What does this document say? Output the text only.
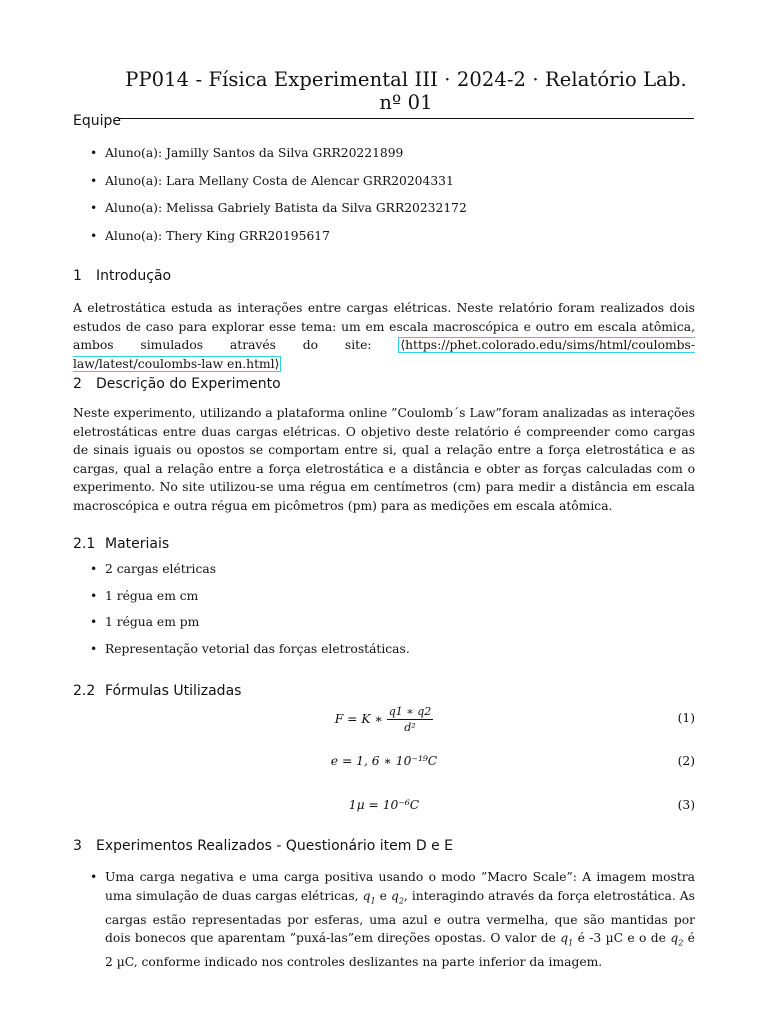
PP014 - Física Experimental III · 2024-2 · Relatório Lab. nº 01
Equipe
• Aluno(a): Jamilly Santos da Silva GRR20221899
• Aluno(a): Lara Mellany Costa de Alencar GRR20204331
• Aluno(a): Melissa Gabriely Batista da Silva GRR20232172
• Aluno(a): Thery King GRR20195617
1 Introdução

A eletrostática estuda as interações entre cargas elétricas. Neste relatório foram realizados dois estudos de caso para explorar esse tema: um em escala macroscópica e outro em escala atômica, ambos simulados através do site: ⟨https://phet.colorado.edu/sims/html/coulombs-law/latest/coulombs-law en.html⟩

2 Descrição do Experimento

Neste experimento, utilizando a plataforma online ”Coulomb´s Law”foram analizadas as interações eletrostáticas entre duas cargas elétricas. O objetivo deste relatório é compreender como cargas de sinais iguais ou opostos se comportam entre si, qual a relação entre a força eletrostática e as cargas, qual a relação entre a força eletrostática e a distância e obter as forças calculadas com o experimento. No site utilizou-se uma régua em centímetros (cm) para medir a distância em escala macroscópica e outra régua em picômetros (pm) para as medições em escala atômica.

2.1 Materiais
• 2 cargas elétricas
• 1 régua em cm
• 1 régua em pm
• Representação vetorial das forças eletrostáticas.
2.2 Fórmulas Utilizadas
F = K ∗ $\frac{q1 ∗ q2}{\text{d²}}$	(1)
e = 1, 6 ∗ 10⁻¹⁹C	(2)
1μ = 10⁻⁶C	(3)
3 Experimentos Realizados - Questionário item D e E
• Uma carga negativa e uma carga positiva usando o modo ”Macro Scale”: A imagem mostra uma simulação de duas cargas elétricas, $q_1$ e $q_2$, interagindo através da força eletrostática. As cargas estão representadas por esferas, uma azul e outra vermelha, que são mantidas por dois bonecos que aparentam ”puxá-las”em direções opostas. O valor de $q_1$ é -3 µC e o de $q_2$ é 2 µC, conforme indicado nos controles deslizantes na parte inferior da imagem.
